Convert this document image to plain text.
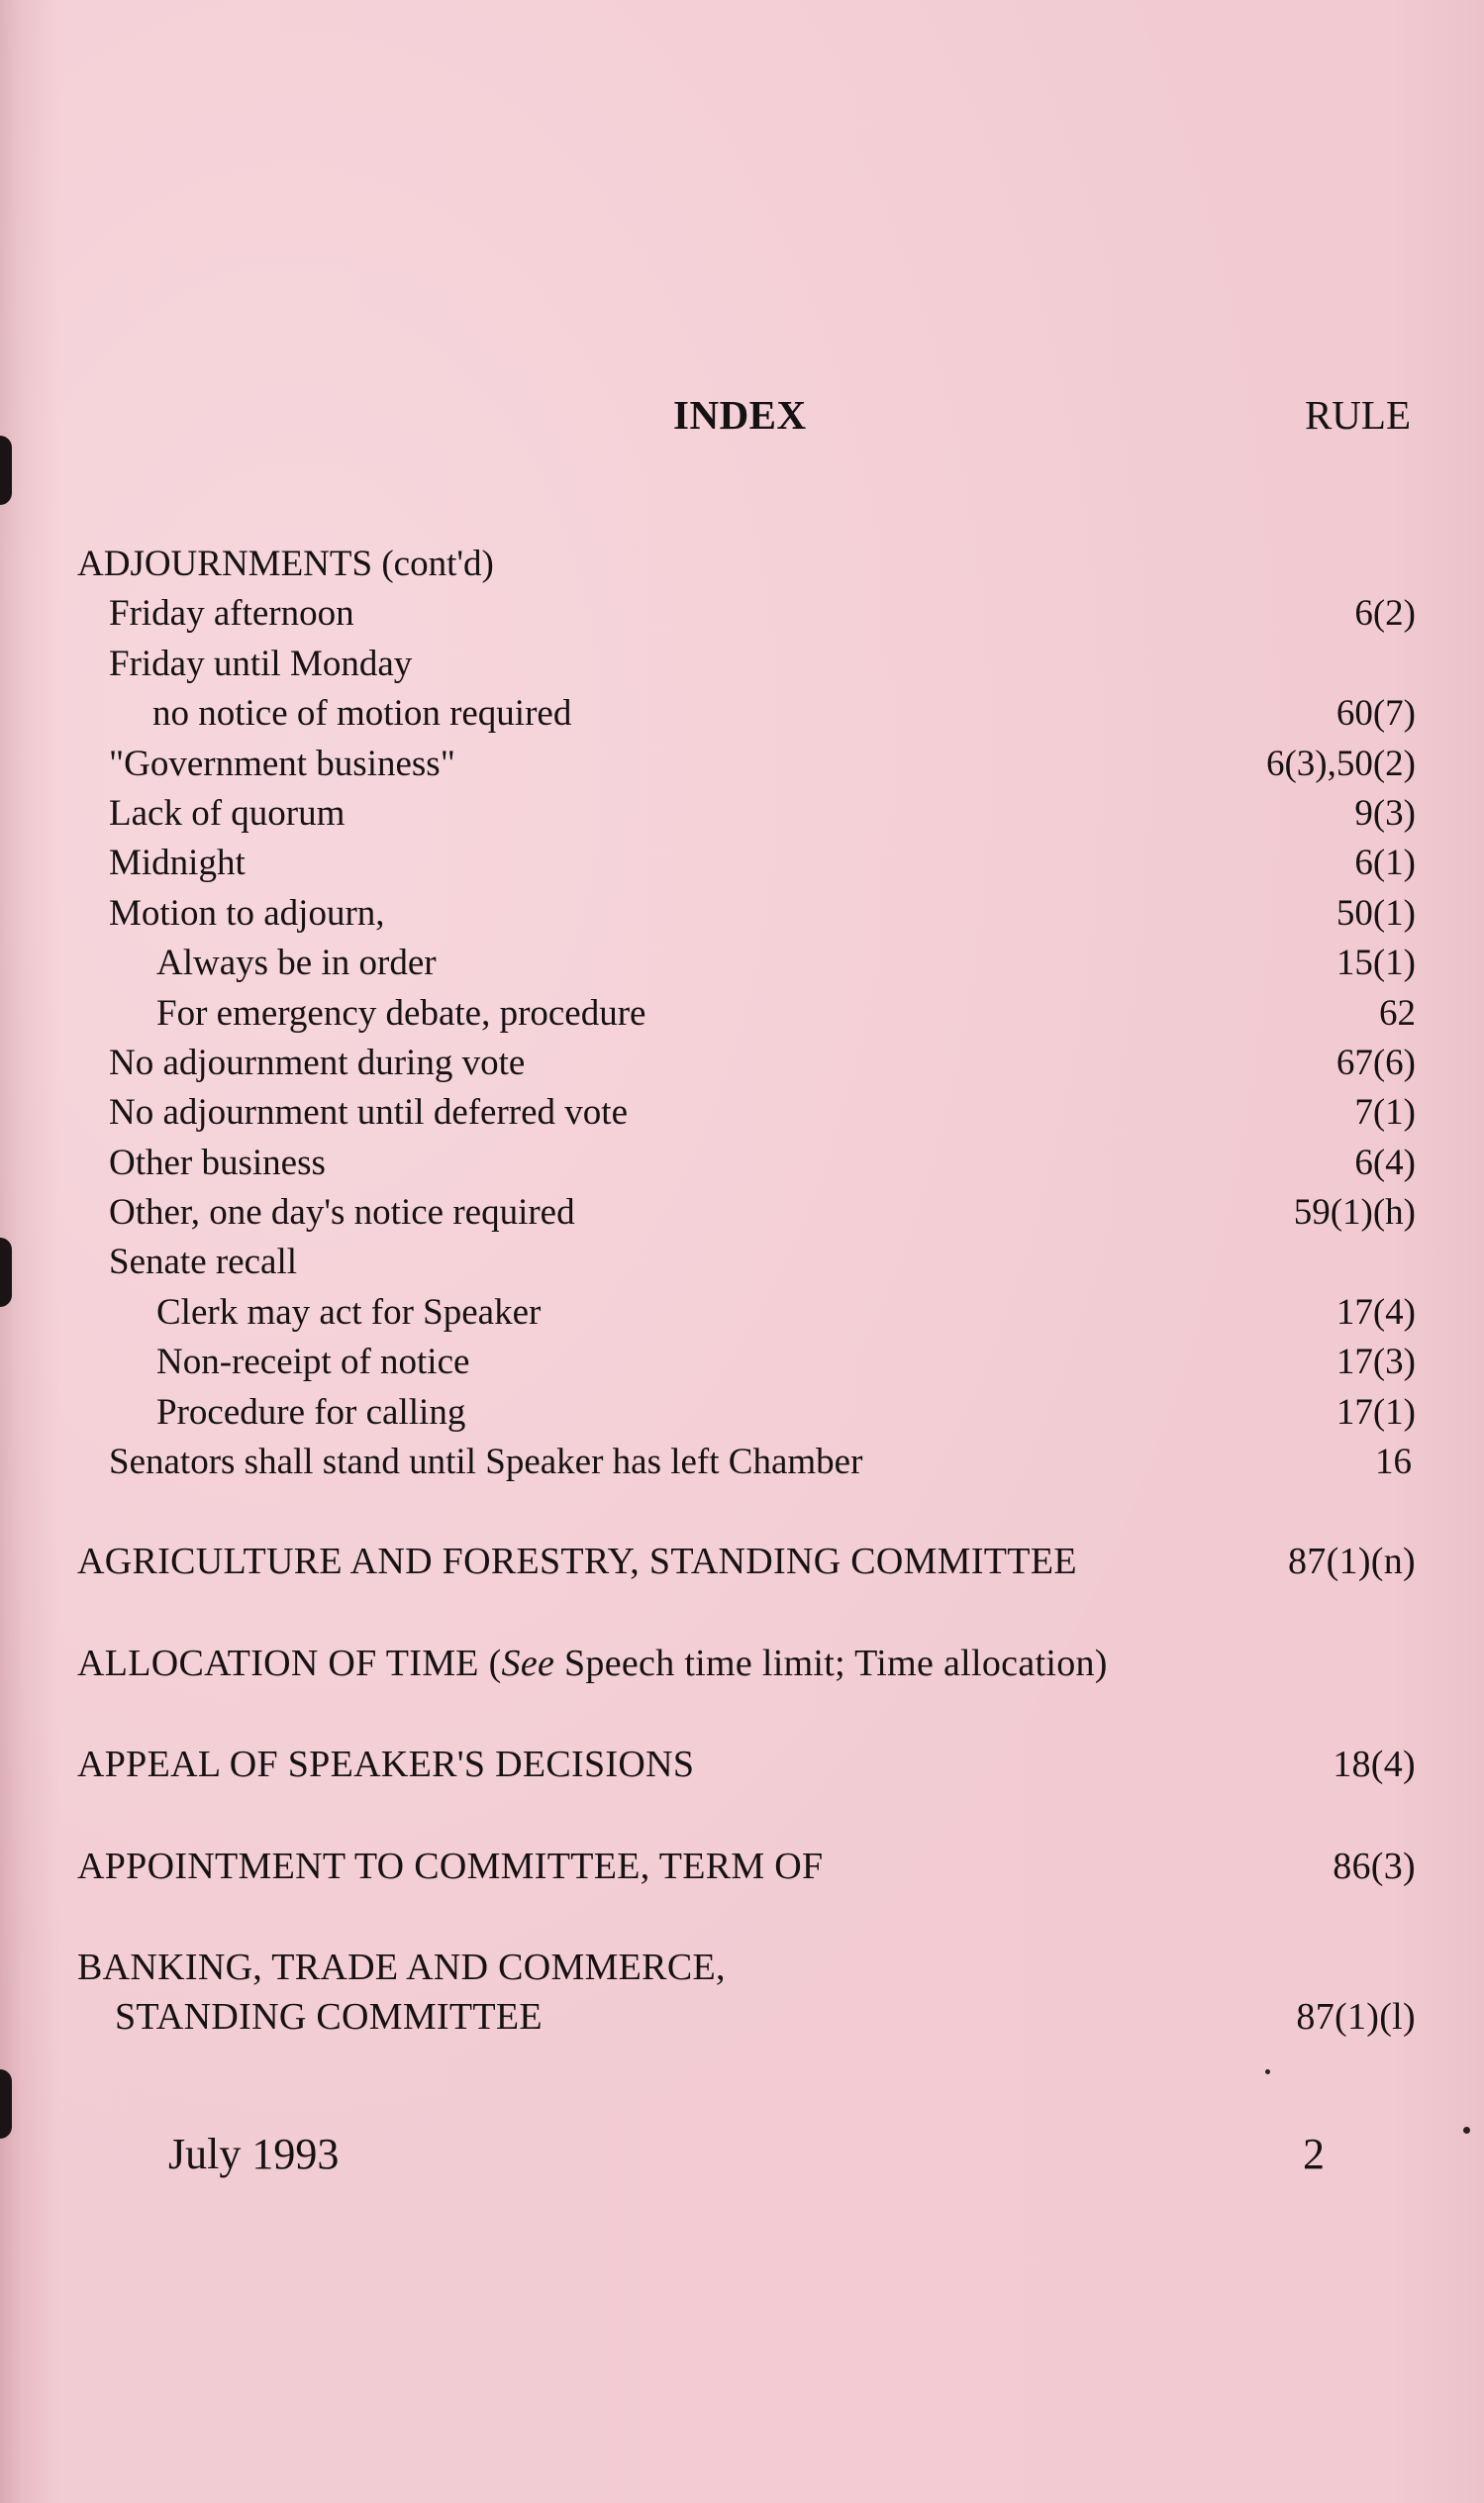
INDEX	RULE
ADJOURNMENTS (cont'd)
Friday afternoon	6(2)
Friday until Monday
no notice of motion required	60(7)
"Government business"	6(3),50(2)
Lack of quorum	9(3)
Midnight	6(1)
Motion to adjourn,	50(1)
Always be in order	15(1)
For emergency debate, procedure	62
No adjournment during vote	67(6)
No adjournment until deferred vote	7(1)
Other business	6(4)
Other, one day's notice required	59(1)(h)
Senate recall
Clerk may act for Speaker	17(4)
Non-receipt of notice	17(3)
Procedure for calling	17(1)
Senators shall stand until Speaker has left Chamber	16
AGRICULTURE AND FORESTRY, STANDING COMMITTEE	87(1)(n)
ALLOCATION OF TIME (See Speech time limit; Time allocation)
APPEAL OF SPEAKER'S DECISIONS	18(4)
APPOINTMENT TO COMMITTEE, TERM OF	86(3)
BANKING, TRADE AND COMMERCE,
STANDING COMMITTEE	87(1)(l)
July 1993	2
